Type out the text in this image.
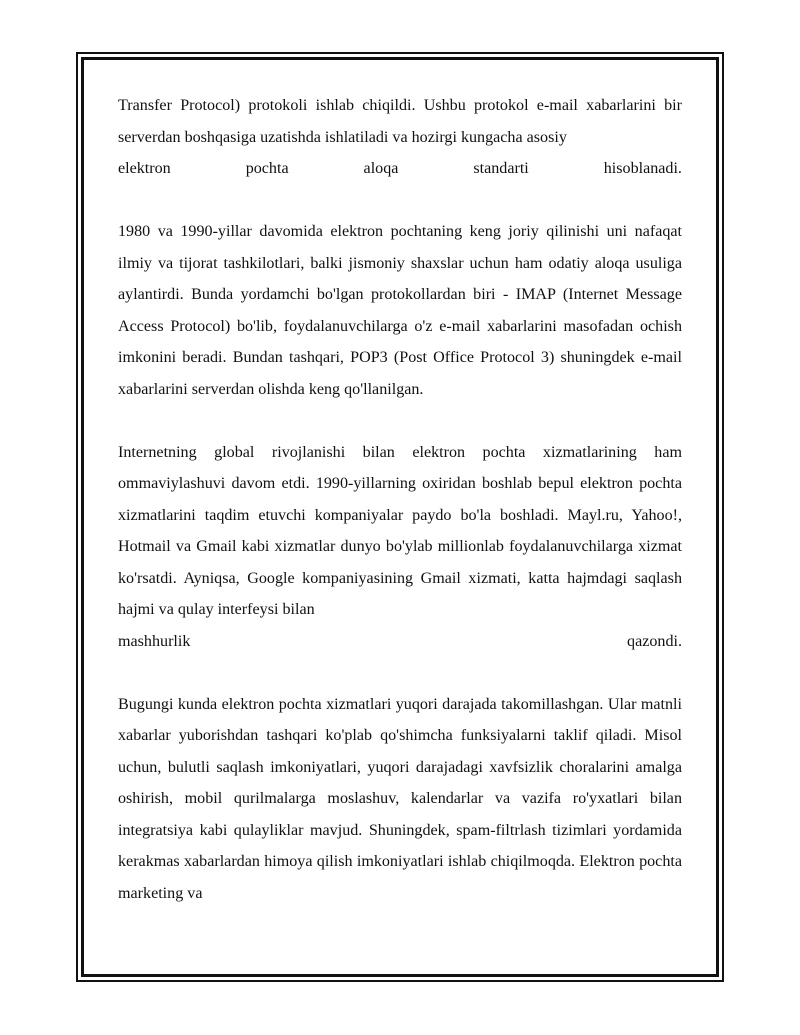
Transfer Protocol) protokoli ishlab chiqildi. Ushbu protokol e-mail xabarlarini bir serverdan boshqasiga uzatishda ishlatiladi va hozirgi kungacha asosiy

elektron	pochta	aloqa	standarti	hisoblanadi.

1980 va 1990-yillar davomida elektron pochtaning keng joriy qilinishi uni nafaqat ilmiy va tijorat tashkilotlari, balki jismoniy shaxslar uchun ham odatiy aloqa usuliga aylantirdi. Bunda yordamchi bo'lgan protokollardan biri - IMAP (Internet Message Access Protocol) bo'lib, foydalanuvchilarga o'z e-mail xabarlarini masofadan ochish imkonini beradi. Bundan tashqari, POP3 (Post Office Protocol 3) shuningdek e-mail xabarlarini serverdan olishda keng qo'llanilgan.

Internetning global rivojlanishi bilan elektron pochta xizmatlarining ham ommaviylashuvi davom etdi. 1990-yillarning oxiridan boshlab bepul elektron pochta xizmatlarini taqdim etuvchi kompaniyalar paydo bo'la boshladi. Mayl.ru, Yahoo!, Hotmail va Gmail kabi xizmatlar dunyo bo'ylab millionlab foydalanuvchilarga xizmat ko'rsatdi. Ayniqsa, Google kompaniyasining Gmail xizmati, katta hajmdagi saqlash hajmi va qulay interfeysi bilan

mashhurlik	qazondi.

Bugungi kunda elektron pochta xizmatlari yuqori darajada takomillashgan. Ular matnli xabarlar yuborishdan tashqari ko'plab qo'shimcha funksiyalarni taklif qiladi. Misol uchun, bulutli saqlash imkoniyatlari, yuqori darajadagi xavfsizlik choralarini amalga oshirish, mobil qurilmalarga moslashuv, kalendarlar va vazifa ro'yxatlari bilan integratsiya kabi qulayliklar mavjud. Shuningdek, spam-filtrlash tizimlari yordamida kerakmas xabarlardan himoya qilish imkoniyatlari ishlab chiqilmoqda. Elektron pochta marketing va
